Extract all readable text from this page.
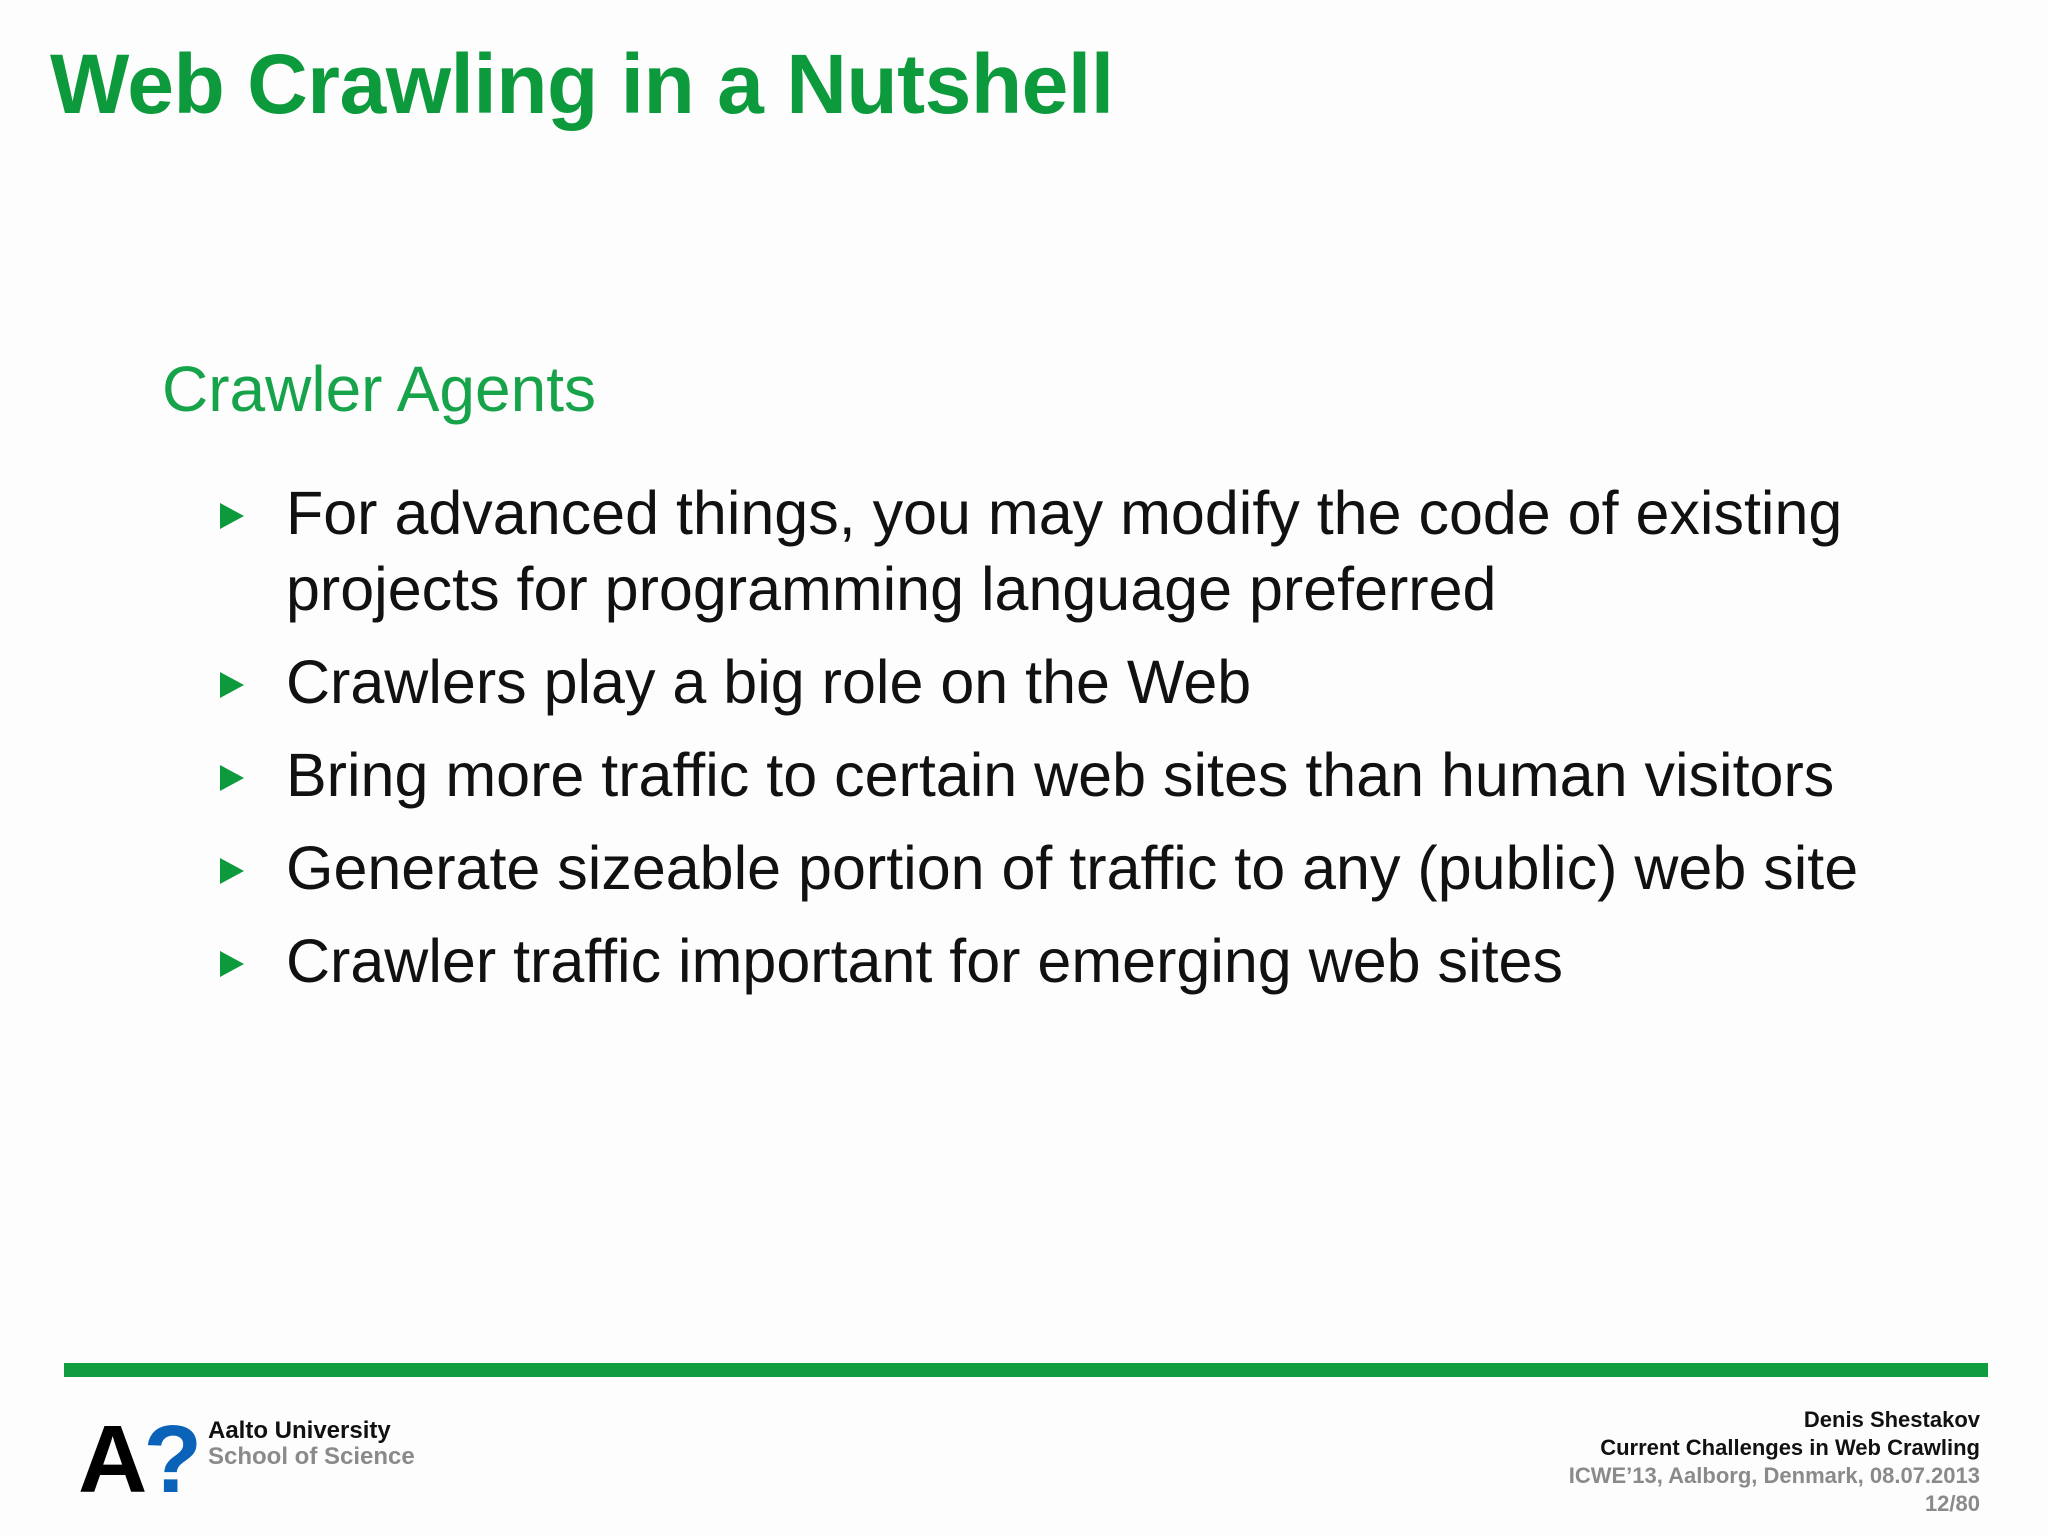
Web Crawling in a Nutshell
Crawler Agents
For advanced things, you may modify the code of existing projects for programming language preferred
Crawlers play a big role on the Web
Bring more traffic to certain web sites than human visitors
Generate sizeable portion of traffic to any (public) web site
Crawler traffic important for emerging web sites
A? Aalto University
School of Science
Denis Shestakov
Current Challenges in Web Crawling
ICWE’13, Aalborg, Denmark, 08.07.2013
12/80
